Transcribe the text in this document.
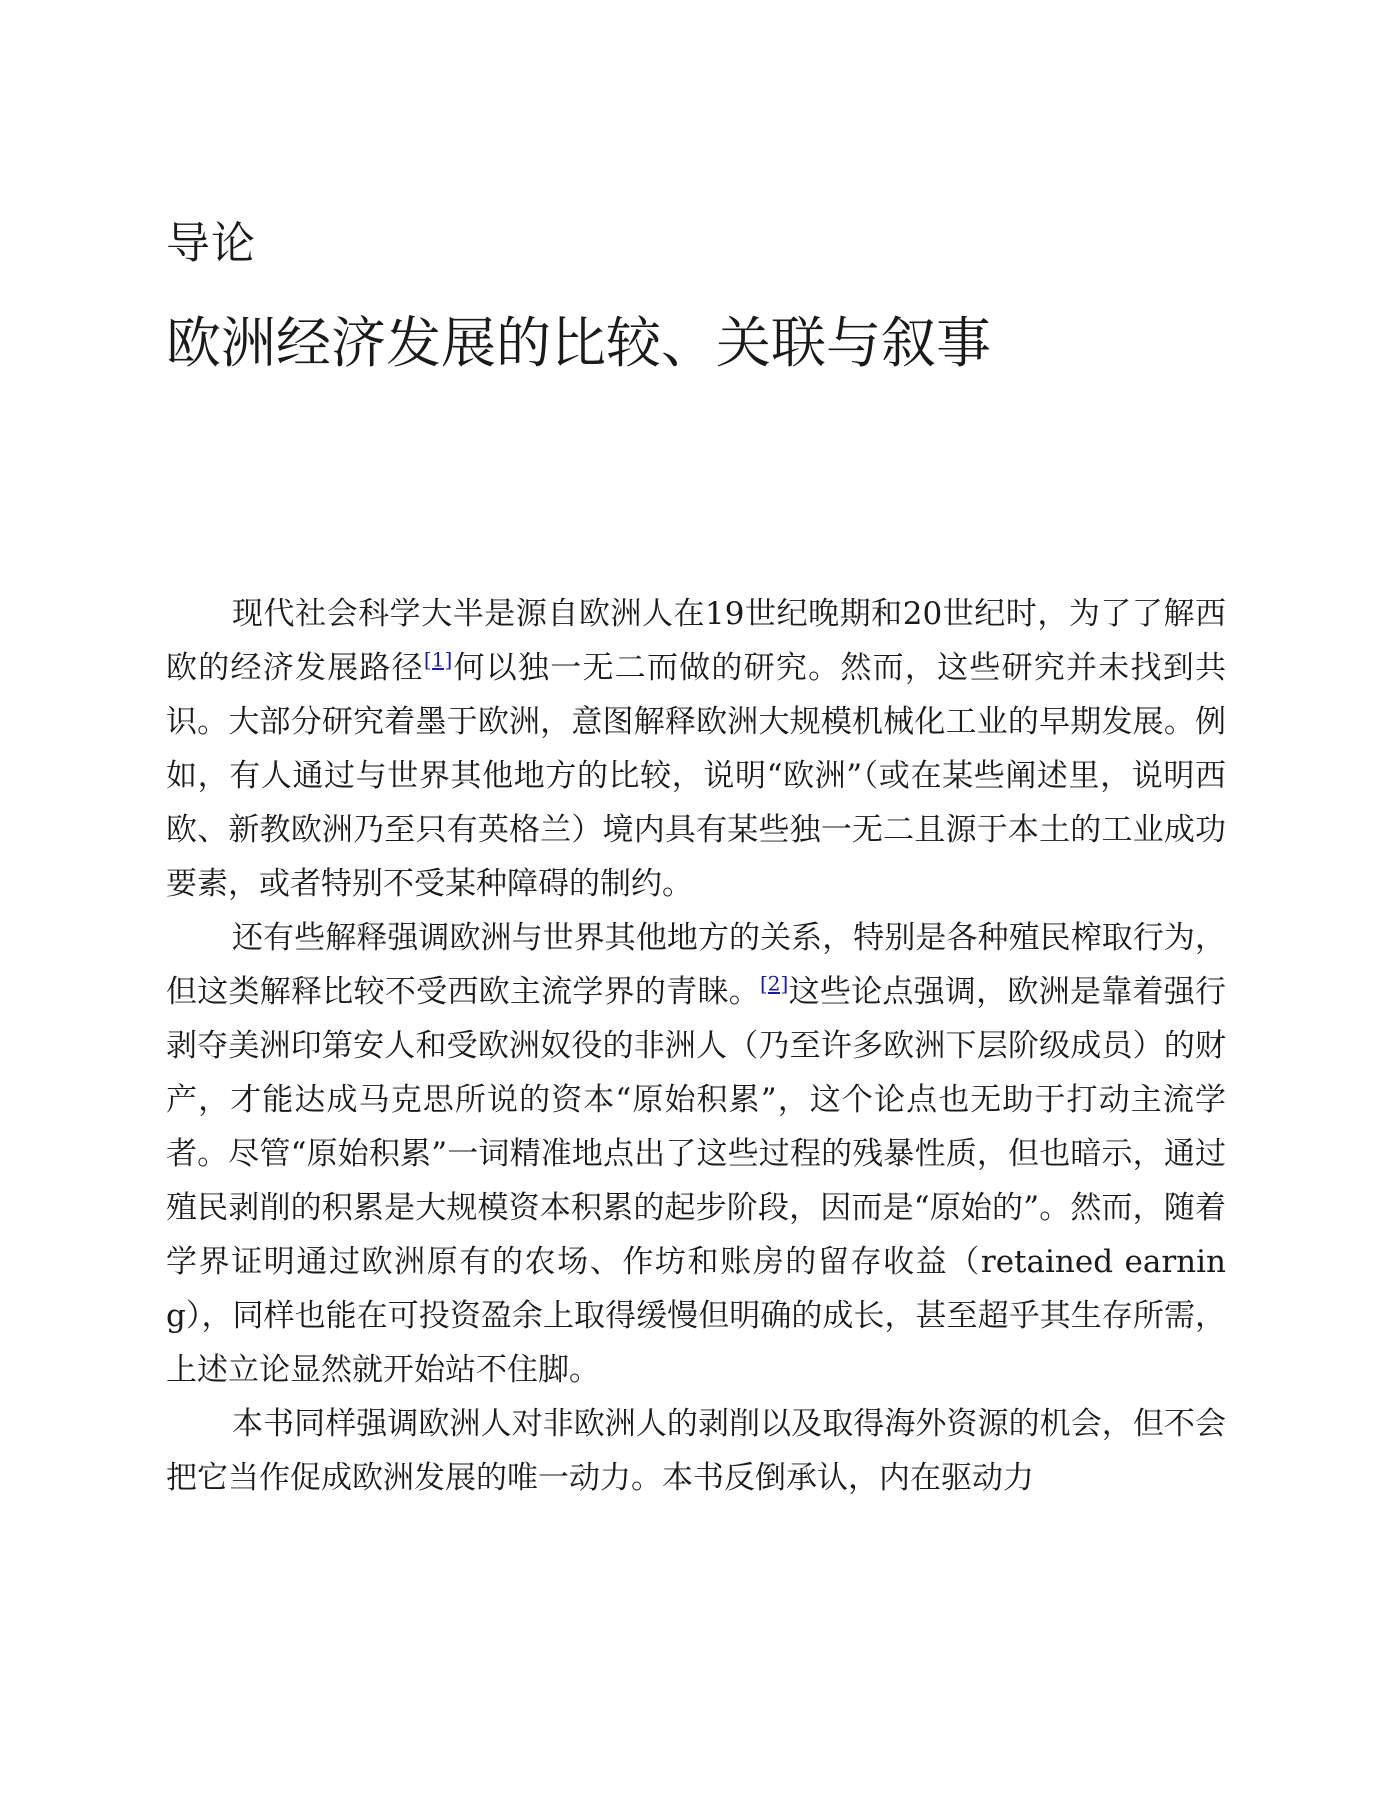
导论
欧洲经济发展的比较、关联与叙事

现代社会科学大半是源自欧洲人在19世纪晚期和20世纪时，为了了解西欧的经济发展路径[1]何以独一无二而做的研究。然而，这些研究并未找到共识。大部分研究着墨于欧洲，意图解释欧洲大规模机械化工业的早期发展。例如，有人通过与世界其他地方的比较，说明“欧洲”（或在某些阐述里，说明西欧、新教欧洲乃至只有英格兰）境内具有某些独一无二且源于本土的工业成功要素，或者特别不受某种障碍的制约。

还有些解释强调欧洲与世界其他地方的关系，特别是各种殖民榨取行为，但这类解释比较不受西欧主流学界的青睐。[2]这些论点强调，欧洲是靠着强行剥夺美洲印第安人和受欧洲奴役的非洲人（乃至许多欧洲下层阶级成员）的财产，才能达成马克思所说的资本“原始积累”，这个论点也无助于打动主流学者。尽管“原始积累”一词精准地点出了这些过程的残暴性质，但也暗示，通过殖民剥削的积累是大规模资本积累的起步阶段，因而是“原始的”。然而，随着学界证明通过欧洲原有的农场、作坊和账房的留存收益（retained earning），同样也能在可投资盈余上取得缓慢但明确的成长，甚至超乎其生存所需，上述立论显然就开始站不住脚。

本书同样强调欧洲人对非欧洲人的剥削以及取得海外资源的机会，但不会把它当作促成欧洲发展的唯一动力。本书反倒承认，内在驱动力
